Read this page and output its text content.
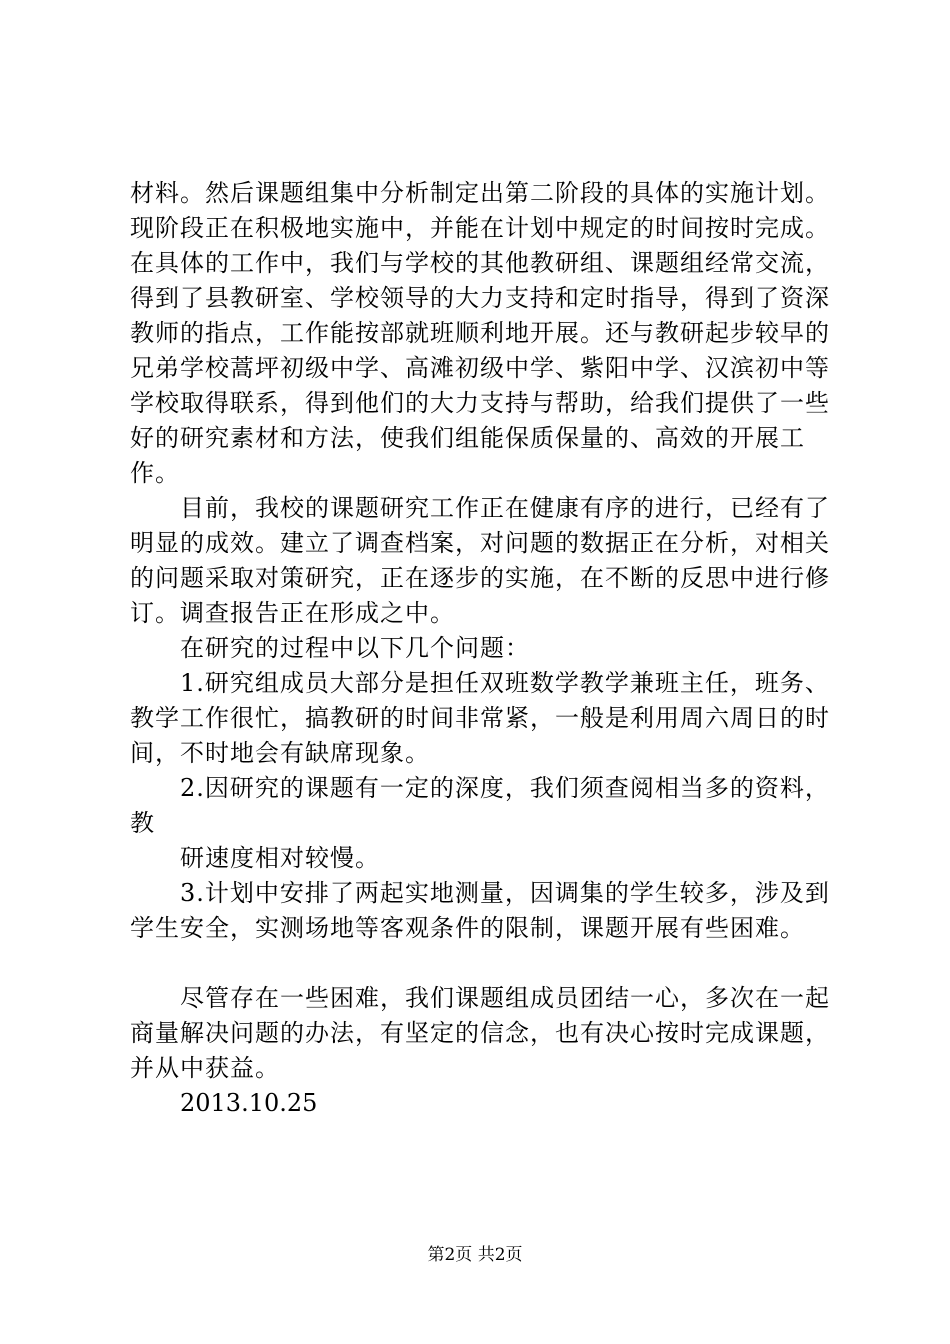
材料。然后课题组集中分析制定出第二阶段的具体的实施计划。现阶段正在积极地实施中，并能在计划中规定的时间按时完成。在具体的工作中，我们与学校的其他教研组、课题组经常交流，得到了县教研室、学校领导的大力支持和定时指导，得到了资深教师的指点，工作能按部就班顺利地开展。还与教研起步较早的兄弟学校蒿坪初级中学、高滩初级中学、紫阳中学、汉滨初中等学校取得联系，得到他们的大力支持与帮助，给我们提供了一些好的研究素材和方法，使我们组能保质保量的、高效的开展工作。

目前，我校的课题研究工作正在健康有序的进行，已经有了明显的成效。建立了调查档案，对问题的数据正在分析，对相关的问题采取对策研究，正在逐步的实施，在不断的反思中进行修订。调查报告正在形成之中。

在研究的过程中以下几个问题：

1.研究组成员大部分是担任双班数学教学兼班主任，班务、教学工作很忙，搞教研的时间非常紧，一般是利用周六周日的时间，不时地会有缺席现象。

2.因研究的课题有一定的深度，我们须查阅相当多的资料，教

研速度相对较慢。

3.计划中安排了两起实地测量，因调集的学生较多，涉及到学生安全，实测场地等客观条件的限制，课题开展有些困难。

尽管存在一些困难，我们课题组成员团结一心，多次在一起商量解决问题的办法，有坚定的信念，也有决心按时完成课题，并从中获益。

2013.10.25

第2页 共2页
